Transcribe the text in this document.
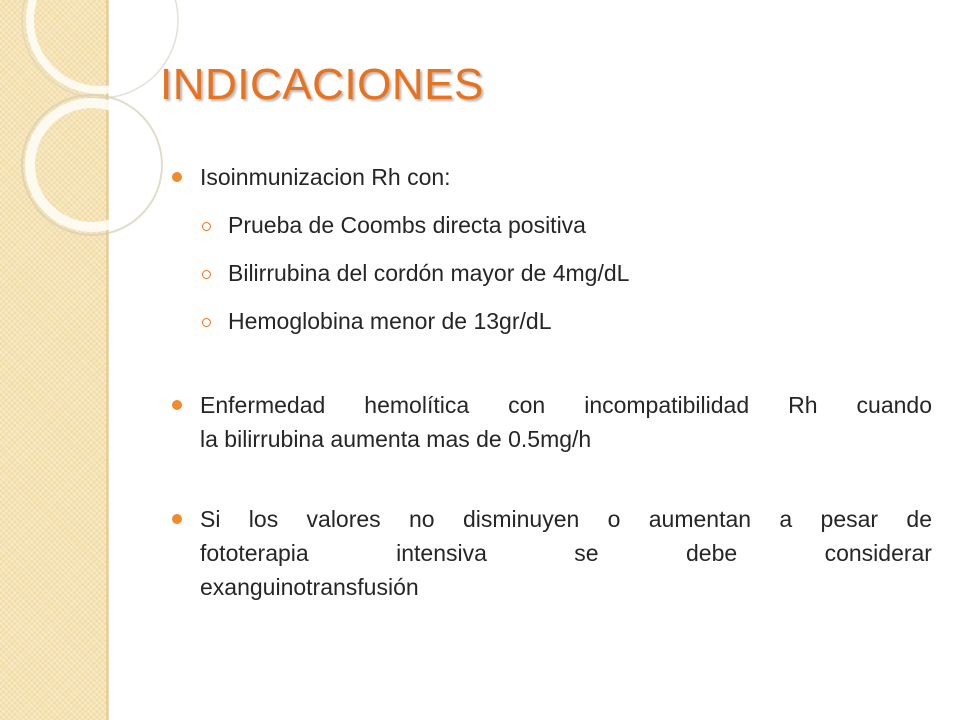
INDICACIONES
Isoinmunizacion Rh con:
Prueba de Coombs directa positiva
Bilirrubina del cordón mayor de 4mg/dL
Hemoglobina menor de 13gr/dL
Enfermedad hemolítica con incompatibilidad Rh cuando
la bilirrubina aumenta mas de 0.5mg/h
Si los valores no disminuyen o aumentan a pesar de
fototerapia	intensiva	se	debe	considerar
exanguinotransfusión
